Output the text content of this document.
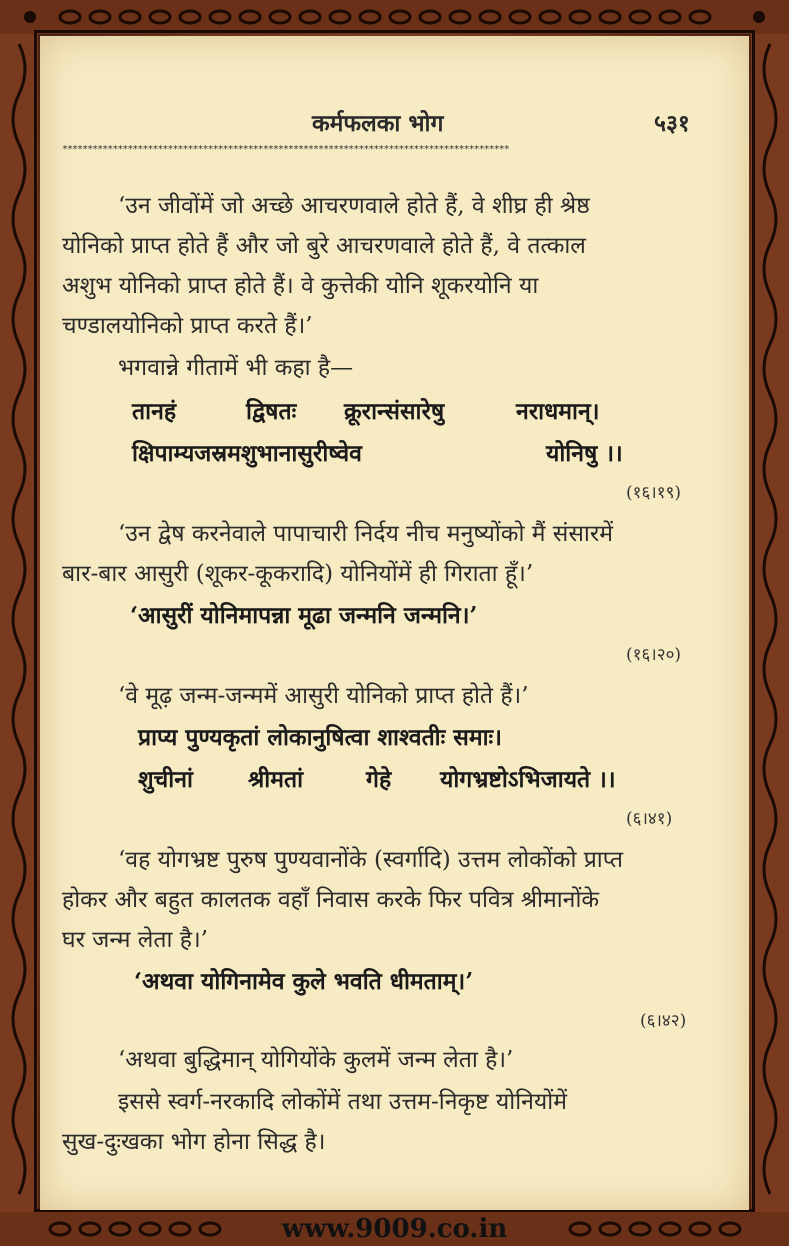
कर्मफलका भोग	५३१
*****************************************************************************************
‘उन जीवोंमें जो अच्छे आचरणवाले होते हैं, वे शीघ्र ही श्रेष्ठ
योनिको प्राप्त होते हैं और जो बुरे आचरणवाले होते हैं, वे तत्काल
अशुभ योनिको प्राप्त होते हैं। वे कुत्तेकी योनि शूकरयोनि या
चण्डालयोनिको प्राप्त करते हैं।’
भगवान्ने गीतामें भी कहा है—
तानहं	द्विषतः क्रूरान्संसारेषु	नराधमान्।
क्षिपाम्यजस्रमशुभानासुरीष्वेव	योनिषु ।।
(१६।१९)
‘उन द्वेष करनेवाले पापाचारी निर्दय नीच मनुष्योंको मैं संसारमें
बार-बार आसुरी (शूकर-कूकरादि) योनियोंमें ही गिराता हूँ।’
‘आसुरीं योनिमापन्ना मूढा जन्मनि जन्मनि।’
(१६।२०)
‘वे मूढ़ जन्म-जन्ममें आसुरी योनिको प्राप्त होते हैं।’
प्राप्य पुण्यकृतां लोकानुषित्वा शाश्वतीः समाः।
शुचीनां श्रीमतां	गेहे योगभ्रष्टोऽभिजायते ।।
(६।४१)
‘वह योगभ्रष्ट पुरुष पुण्यवानोंके (स्वर्गादि) उत्तम लोकोंको प्राप्त
होकर और बहुत कालतक वहाँ निवास करके फिर पवित्र श्रीमानोंके
घर जन्म लेता है।’
‘अथवा योगिनामेव कुले भवति धीमताम्।’
(६।४२)
‘अथवा बुद्धिमान् योगियोंके कुलमें जन्म लेता है।’
इससे स्वर्ग-नरकादि लोकोंमें तथा उत्तम-निकृष्ट योनियोंमें
सुख-दुःखका भोग होना सिद्ध है।
www.9009.co.in
